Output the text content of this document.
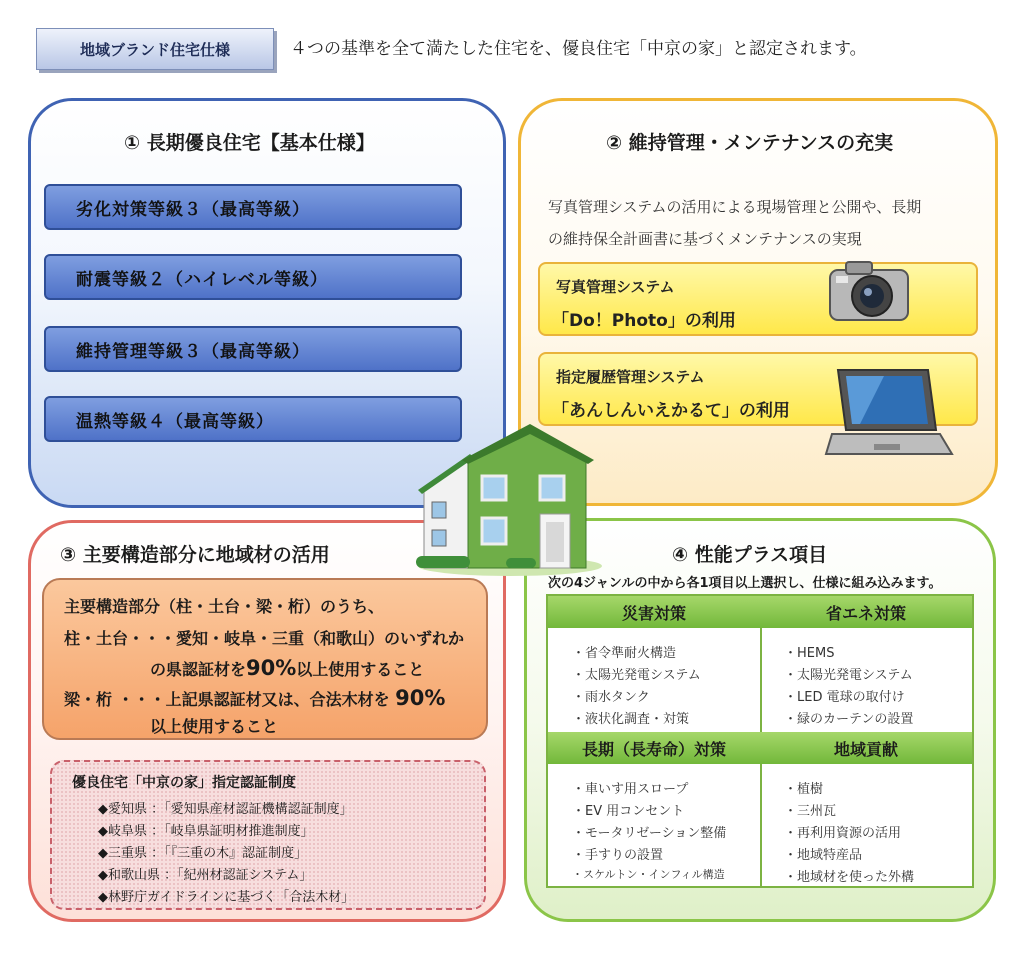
地域ブランド住宅仕様	４つの基準を全て満たした住宅を、優良住宅「中京の家」と認定されます。
① 長期優良住宅【基本仕様】
劣化対策等級３（最高等級）
耐震等級２（ハイレベル等級）
維持管理等級３（最高等級）
温熱等級４（最高等級）
② 維持管理・メンテナンスの充実
写真管理システムの活用による現場管理と公開や、長期
の維持保全計画書に基づくメンテナンスの実現
写真管理システム
「Do！Photo」の利用
指定履歴管理システム
「あんしんいえかるて」の利用
③ 主要構造部分に地域材の活用
主要構造部分（柱・土台・梁・桁）のうち、
柱・土台・・・愛知・岐阜・三重（和歌山）のいずれか
の県認証材を90%以上使用すること
梁・桁 ・・・上記県認証材又は、合法木材を 90%
以上使用すること
優良住宅「中京の家」指定認証制度
◆愛知県 ：「愛知県産材認証機構認証制度」
◆岐阜県 ：「岐阜県証明材推進制度」
◆三重県 ：「『三重の木』認証制度」
◆和歌山県 ：「紀州材認証システム」
◆林野庁ガイドラインに基づく「合法木材」
④ 性能プラス項目
次の4ジャンルの中から各1項目以上選択し、仕様に組み込みます。
災害対策
・省令準耐火構造
・太陽光発電システム
・雨水タンク
・液状化調査・対策
省エネ対策
・HEMS
・太陽光発電システム
・LED 電球の取付け
・緑のカーテンの設置
長期（長寿命）対策
・車いす用スロープ
・EV 用コンセント
・モータリゼーション整備
・手すりの設置
・スケルトン・インフィル構造
地域貢献
・植樹
・三州瓦
・再利用資源の活用
・地域特産品
・地域材を使った外構
